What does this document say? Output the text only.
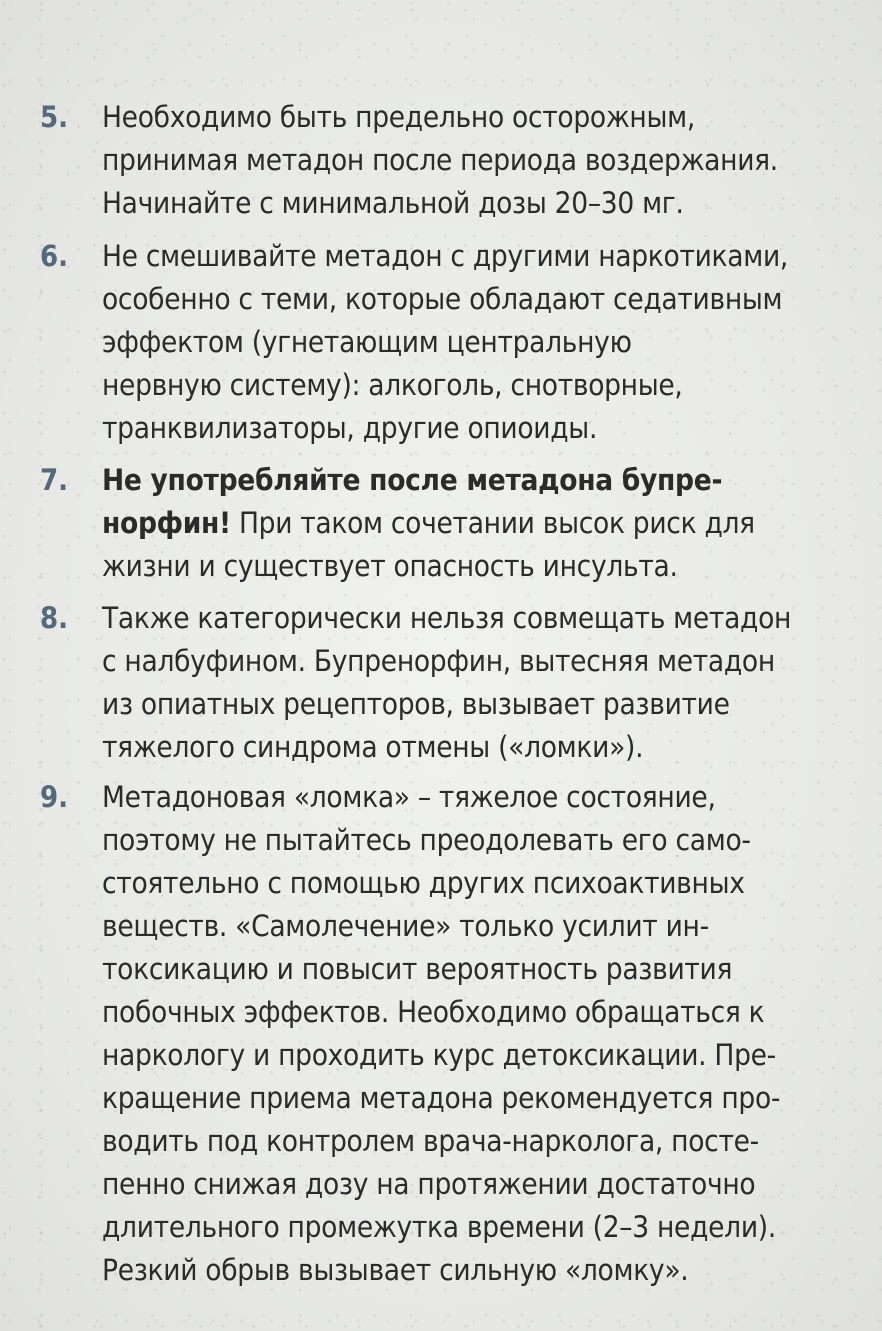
5. Необходимо быть предельно осторожным,
принимая метадон после периода воздержания.
Начинайте с минимальной дозы 20–30 мг.
6. Не смешивайте метадон с другими наркотиками,
особенно с теми, которые обладают седативным
эффектом (угнетающим центральную
нервную систему): алкоголь, снотворные,
транквилизаторы, другие опиоиды.
7. Не употребляйте после метадона бупре-
норфин! При таком сочетании высок риск для
жизни и существует опасность инсульта.
8. Также категорически нельзя совмещать метадон
с налбуфином. Бупренорфин, вытесняя метадон
из опиатных рецепторов, вызывает развитие
тяжелого синдрома отмены («ломки»).
9. Метадоновая «ломка» – тяжелое состояние,
поэтому не пытайтесь преодолевать его само-
стоятельно с помощью других психоактивных
веществ. «Самолечение» только усилит ин-
токсикацию и повысит вероятность развития
побочных эффектов. Необходимо обращаться к
наркологу и проходить курс детоксикации. Пре-
кращение приема метадона рекомендуется про-
водить под контролем врача-нарколога, посте-
пенно снижая дозу на протяжении достаточно
длительного промежутка времени (2–3 недели).
Резкий обрыв вызывает сильную «ломку».
